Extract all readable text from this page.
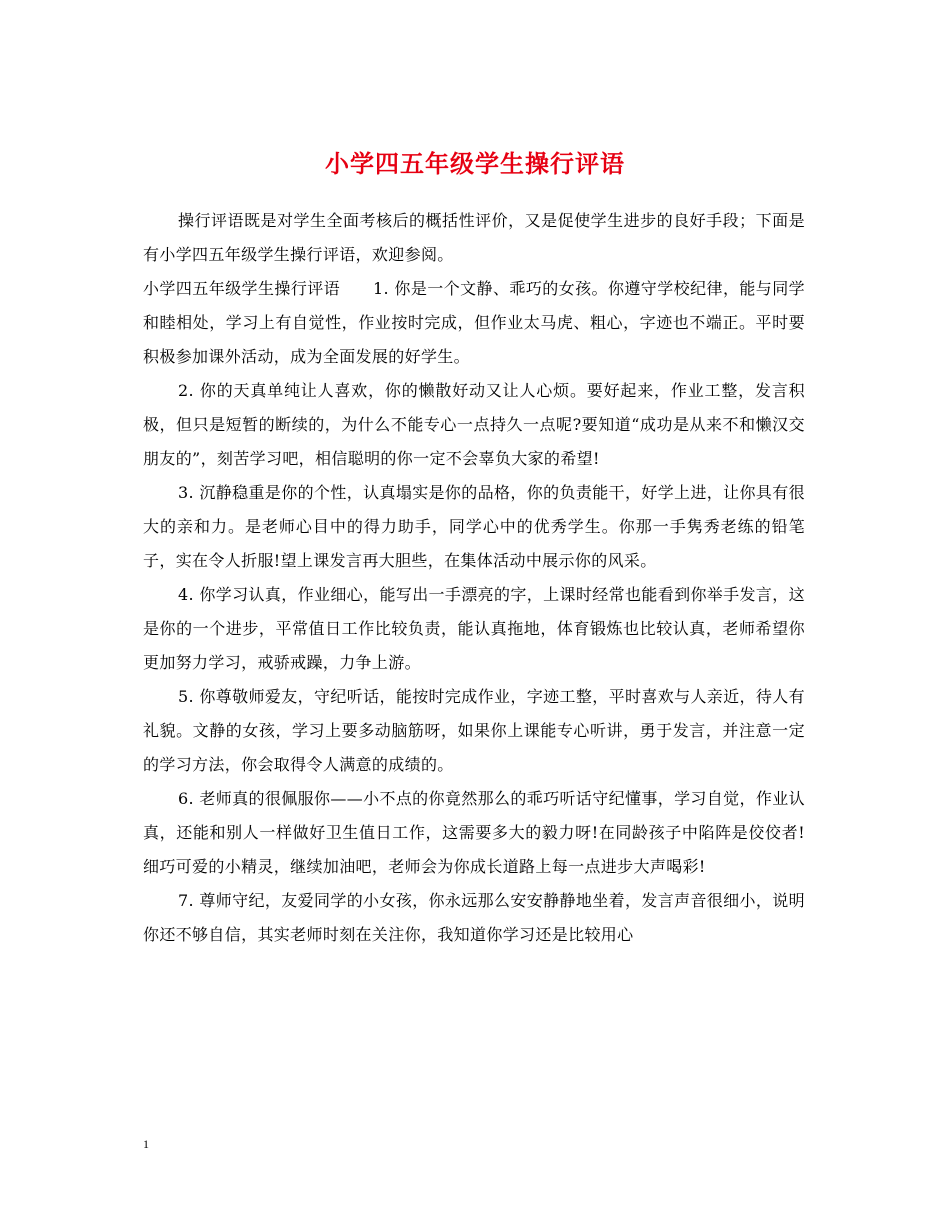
小学四五年级学生操行评语

操行评语既是对学生全面考核后的概括性评价，又是促使学生进步的良好手段；下面是有小学四五年级学生操行评语，欢迎参阅。

小学四五年级学生操行评语　　1. 你是一个文静、乖巧的女孩。你遵守学校纪律，能与同学和睦相处，学习上有自觉性，作业按时完成，但作业太马虎、粗心，字迹也不端正。平时要积极参加课外活动，成为全面发展的好学生。

2. 你的天真单纯让人喜欢，你的懒散好动又让人心烦。要好起来，作业工整，发言积极，但只是短暂的断续的，为什么不能专心一点持久一点呢?要知道“成功是从来不和懒汉交朋友的”，刻苦学习吧，相信聪明的你一定不会辜负大家的希望!

3. 沉静稳重是你的个性，认真塌实是你的品格，你的负责能干，好学上进，让你具有很大的亲和力。是老师心目中的得力助手，同学心中的优秀学生。你那一手隽秀老练的铅笔子，实在令人折服!望上课发言再大胆些，在集体活动中展示你的风采。

4. 你学习认真，作业细心，能写出一手漂亮的字，上课时经常也能看到你举手发言，这是你的一个进步，平常值日工作比较负责，能认真拖地，体育锻炼也比较认真，老师希望你更加努力学习，戒骄戒躁，力争上游。

5. 你尊敬师爱友，守纪听话，能按时完成作业，字迹工整，平时喜欢与人亲近，待人有礼貌。文静的女孩，学习上要多动脑筋呀，如果你上课能专心听讲，勇于发言，并注意一定的学习方法，你会取得令人满意的成绩的。

6. 老师真的很佩服你——小不点的你竟然那么的乖巧听话守纪懂事，学习自觉，作业认真，还能和别人一样做好卫生值日工作，这需要多大的毅力呀!在同龄孩子中陷阵是佼佼者!细巧可爱的小精灵，继续加油吧，老师会为你成长道路上每一点进步大声喝彩!

7. 尊师守纪，友爱同学的小女孩，你永远那么安安静静地坐着，发言声音很细小，说明你还不够自信，其实老师时刻在关注你，我知道你学习还是比较用心

1
